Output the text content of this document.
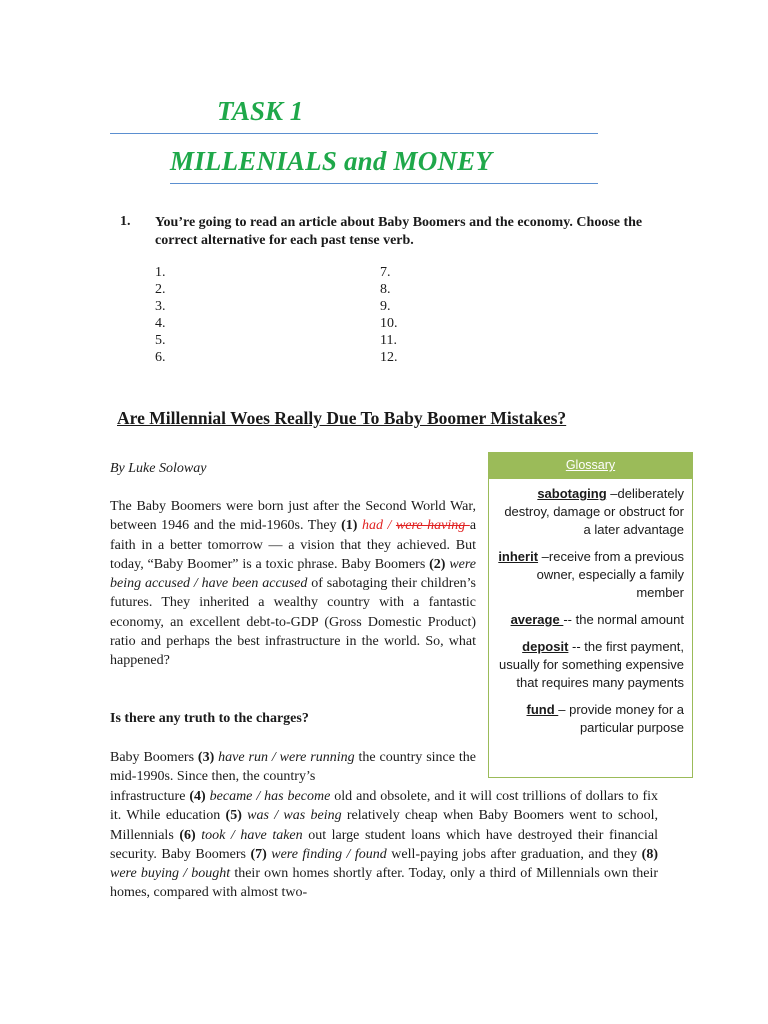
TASK 1
MILLENIALS and MONEY
1. You’re going to read an article about Baby Boomers and the economy. Choose the correct alternative for each past tense verb.
1.
2.
3.
4.
5.
6.
7.
8.
9.
10.
11.
12.
Are Millennial Woes Really Due To Baby Boomer Mistakes?
By Luke Soloway
The Baby Boomers were born just after the Second World War, between 1946 and the mid-1960s. They (1) had / were having a faith in a better tomorrow — a vision that they achieved. But today, “Baby Boomer” is a toxic phrase. Baby Boomers (2) were being accused / have been accused of sabotaging their children’s futures. They inherited a wealthy country with a fantastic economy, an excellent debt-to-GDP (Gross Domestic Product) ratio and perhaps the best infrastructure in the world. So, what happened?
Is there any truth to the charges?
Baby Boomers (3) have run / were running the country since the mid-1990s. Since then, the country’s
infrastructure (4) became / has become old and obsolete, and it will cost trillions of dollars to fix it. While education (5) was / was being relatively cheap when Baby Boomers went to school, Millennials (6) took / have taken out large student loans which have destroyed their financial security. Baby Boomers (7) were finding / found well-paying jobs after graduation, and they (8) were buying / bought their own homes shortly after. Today, only a third of Millennials own their homes, compared with almost two-
Glossary
sabotaging –deliberately destroy, damage or obstruct for a later advantage
inherit –receive from a previous owner, especially a family member
average -- the normal amount
deposit -- the first payment, usually for something expensive that requires many payments
fund – provide money for a particular purpose
